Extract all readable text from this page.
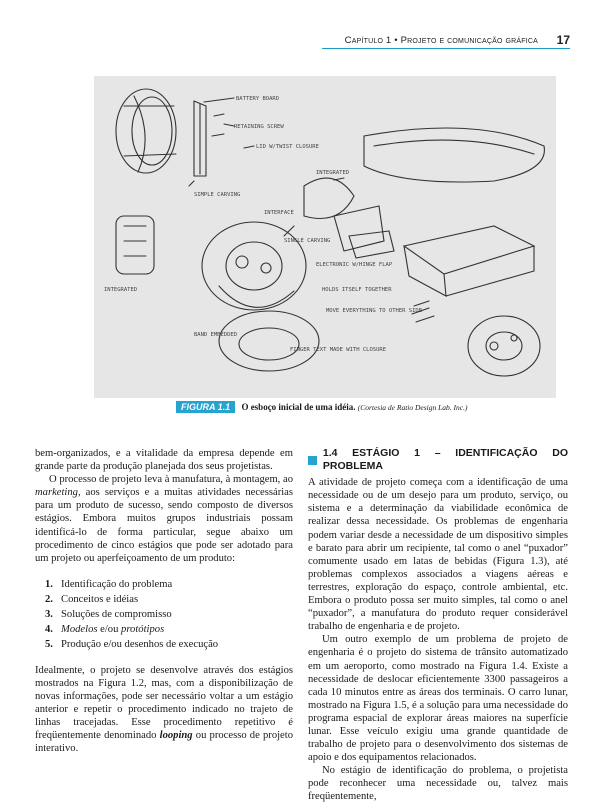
Capítulo 1 • Projeto e comunicação gráfica 17
BATTERY BOARD
RETAINING SCREW
LID W/TWIST CLOSURE
INTEGRATED
SIMPLE CARVING
INTERFACE
SINGLE CARVING
ELECTRONIC W/HINGE FLAP
HOLDS ITSELF TOGETHER
MOVE EVERYTHING TO OTHER SIDE
FINGER TEXT MADE WITH CLOSURE
BAND EMBEDDED
INTEGRATED
FIGURA 1.1 O esboço inicial de uma idéia. (Cortesia de Ratio Design Lab. Inc.)

bem-organizados, e a vitalidade da empresa depende em grande parte da produção planejada dos seus projetistas.

O processo de projeto leva à manufatura, à montagem, ao marketing, aos serviços e a muitas atividades necessárias para um produto de sucesso, sendo composto de diversos estágios. Embora muitos grupos industriais possam identificá-lo de forma particular, segue abaixo um procedimento de cinco estágios que pode ser adotado para um projeto ou aperfeiçoamento de um produto:

1. Identificação do problema
2. Conceitos e idéias
3. Soluções de compromisso
4. Modelos e/ou protótipos
5. Produção e/ou desenhos de execução

Idealmente, o projeto se desenvolve através dos estágios mostrados na Figura 1.2, mas, com a disponibilização de novas informações, pode ser necessário voltar a um estágio anterior e repetir o procedimento indicado no trajeto de linhas tracejadas. Esse procedimento repetitivo é freqüentemente denominado looping ou processo de projeto interativo.

1.4 ESTÁGIO 1 – IDENTIFICAÇÃO DO PROBLEMA

A atividade de projeto começa com a identificação de uma necessidade ou de um desejo para um produto, serviço, ou sistema e a determinação da viabilidade econômica de realizar dessa necessidade. Os problemas de engenharia podem variar desde a necessidade de um dispositivo simples e barato para abrir um recipiente, tal como o anel “puxador” comumente usado em latas de bebidas (Figura 1.3), até problemas complexos associados a viagens aéreas e terrestres, exploração do espaço, controle ambiental, etc. Embora o produto possa ser muito simples, tal como o anel “puxador”, a manufatura do produto requer considerável trabalho de engenharia e de projeto.

Um outro exemplo de um problema de projeto de engenharia é o projeto do sistema de trânsito automatizado em um aeroporto, como mostrado na Figura 1.4. Existe a necessidade de deslocar eficientemente 3300 passageiros a cada 10 minutos entre as áreas dos terminais. O carro lunar, mostrado na Figura 1.5, é a solução para uma necessidade do programa espacial de explorar áreas maiores na superfície lunar. Esse veículo exigiu uma grande quantidade de trabalho de projeto para o desenvolvimento dos sistemas de apoio e dos equipamentos relacionados.

No estágio de identificação do problema, o projetista pode reconhecer uma necessidade ou, talvez mais freqüentemente,
